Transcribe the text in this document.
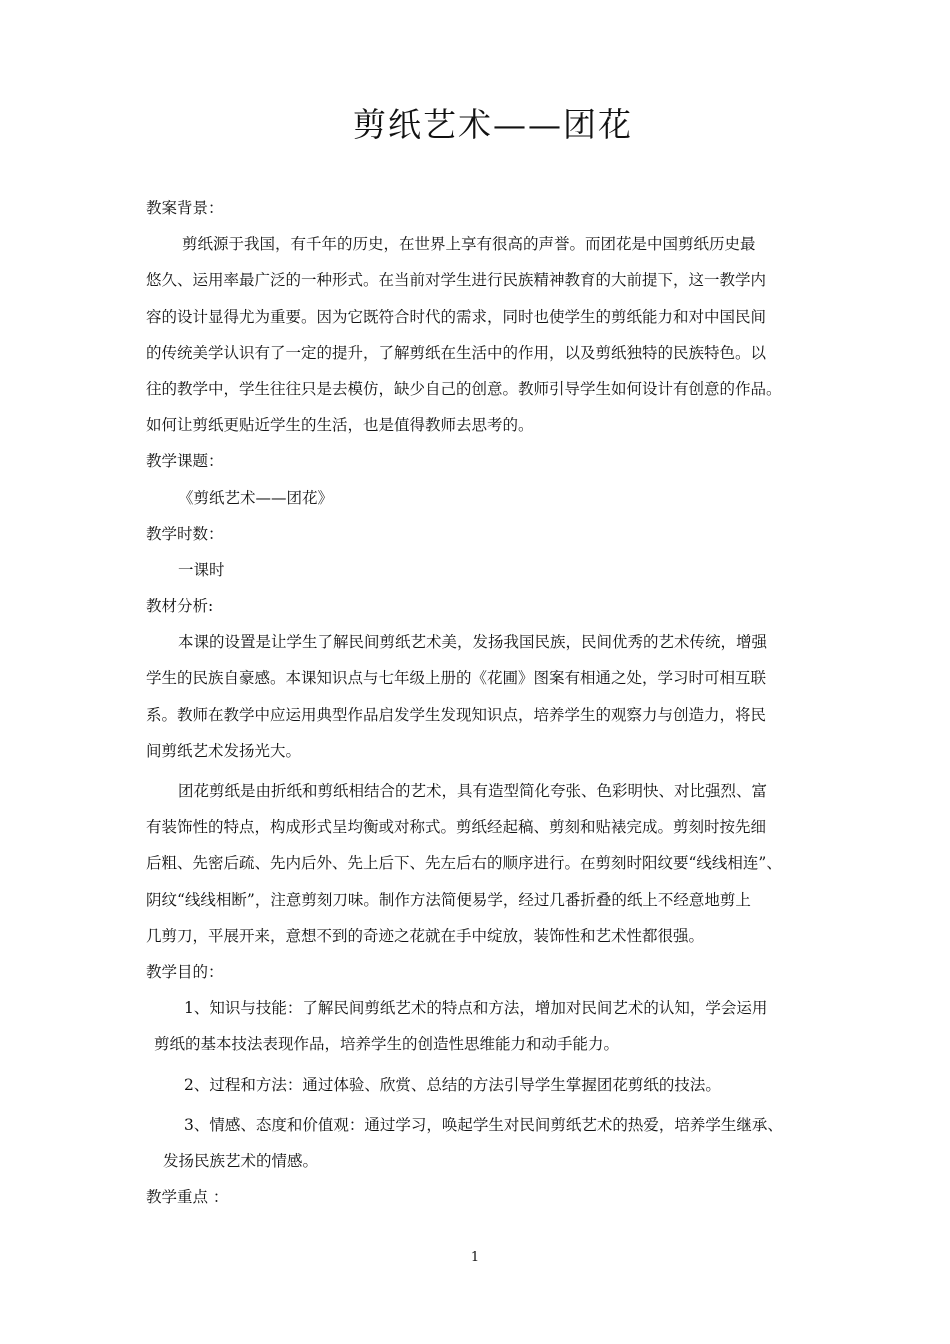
剪纸艺术——团花

教案背景：

剪纸源于我国，有千年的历史，在世界上享有很高的声誉。而团花是中国剪纸历史最

悠久、运用率最广泛的一种形式。在当前对学生进行民族精神教育的大前提下，这一教学内

容的设计显得尤为重要。因为它既符合时代的需求，同时也使学生的剪纸能力和对中国民间

的传统美学认识有了一定的提升，了解剪纸在生活中的作用，以及剪纸独特的民族特色。以

往的教学中，学生往往只是去模仿，缺少自己的创意。教师引导学生如何设计有创意的作品。

如何让剪纸更贴近学生的生活，也是值得教师去思考的。

教学课题：

《剪纸艺术——团花》

教学时数：

一课时

教材分析:

本课的设置是让学生了解民间剪纸艺术美，发扬我国民族，民间优秀的艺术传统，增强

学生的民族自豪感。本课知识点与七年级上册的《花圃》图案有相通之处，学习时可相互联

系。教师在教学中应运用典型作品启发学生发现知识点，培养学生的观察力与创造力，将民

间剪纸艺术发扬光大。

团花剪纸是由折纸和剪纸相结合的艺术，具有造型简化夸张、色彩明快、对比强烈、富

有装饰性的特点，构成形式呈均衡或对称式。剪纸经起稿、剪刻和贴裱完成。剪刻时按先细

后粗、先密后疏、先内后外、先上后下、先左后右的顺序进行。在剪刻时阳纹要“线线相连”、

阴纹“线线相断”，注意剪刻刀味。制作方法简便易学，经过几番折叠的纸上不经意地剪上

几剪刀，平展开来，意想不到的奇迹之花就在手中绽放，装饰性和艺术性都很强。

教学目的：

1、知识与技能：了解民间剪纸艺术的特点和方法，增加对民间艺术的认知，学会运用

剪纸的基本技法表现作品，培养学生的创造性思维能力和动手能力。

2、过程和方法：通过体验、欣赏、总结的方法引导学生掌握团花剪纸的技法。

3、情感、态度和价值观：通过学习，唤起学生对民间剪纸艺术的热爱，培养学生继承、

发扬民族艺术的情感。

教学重点 ：

1
